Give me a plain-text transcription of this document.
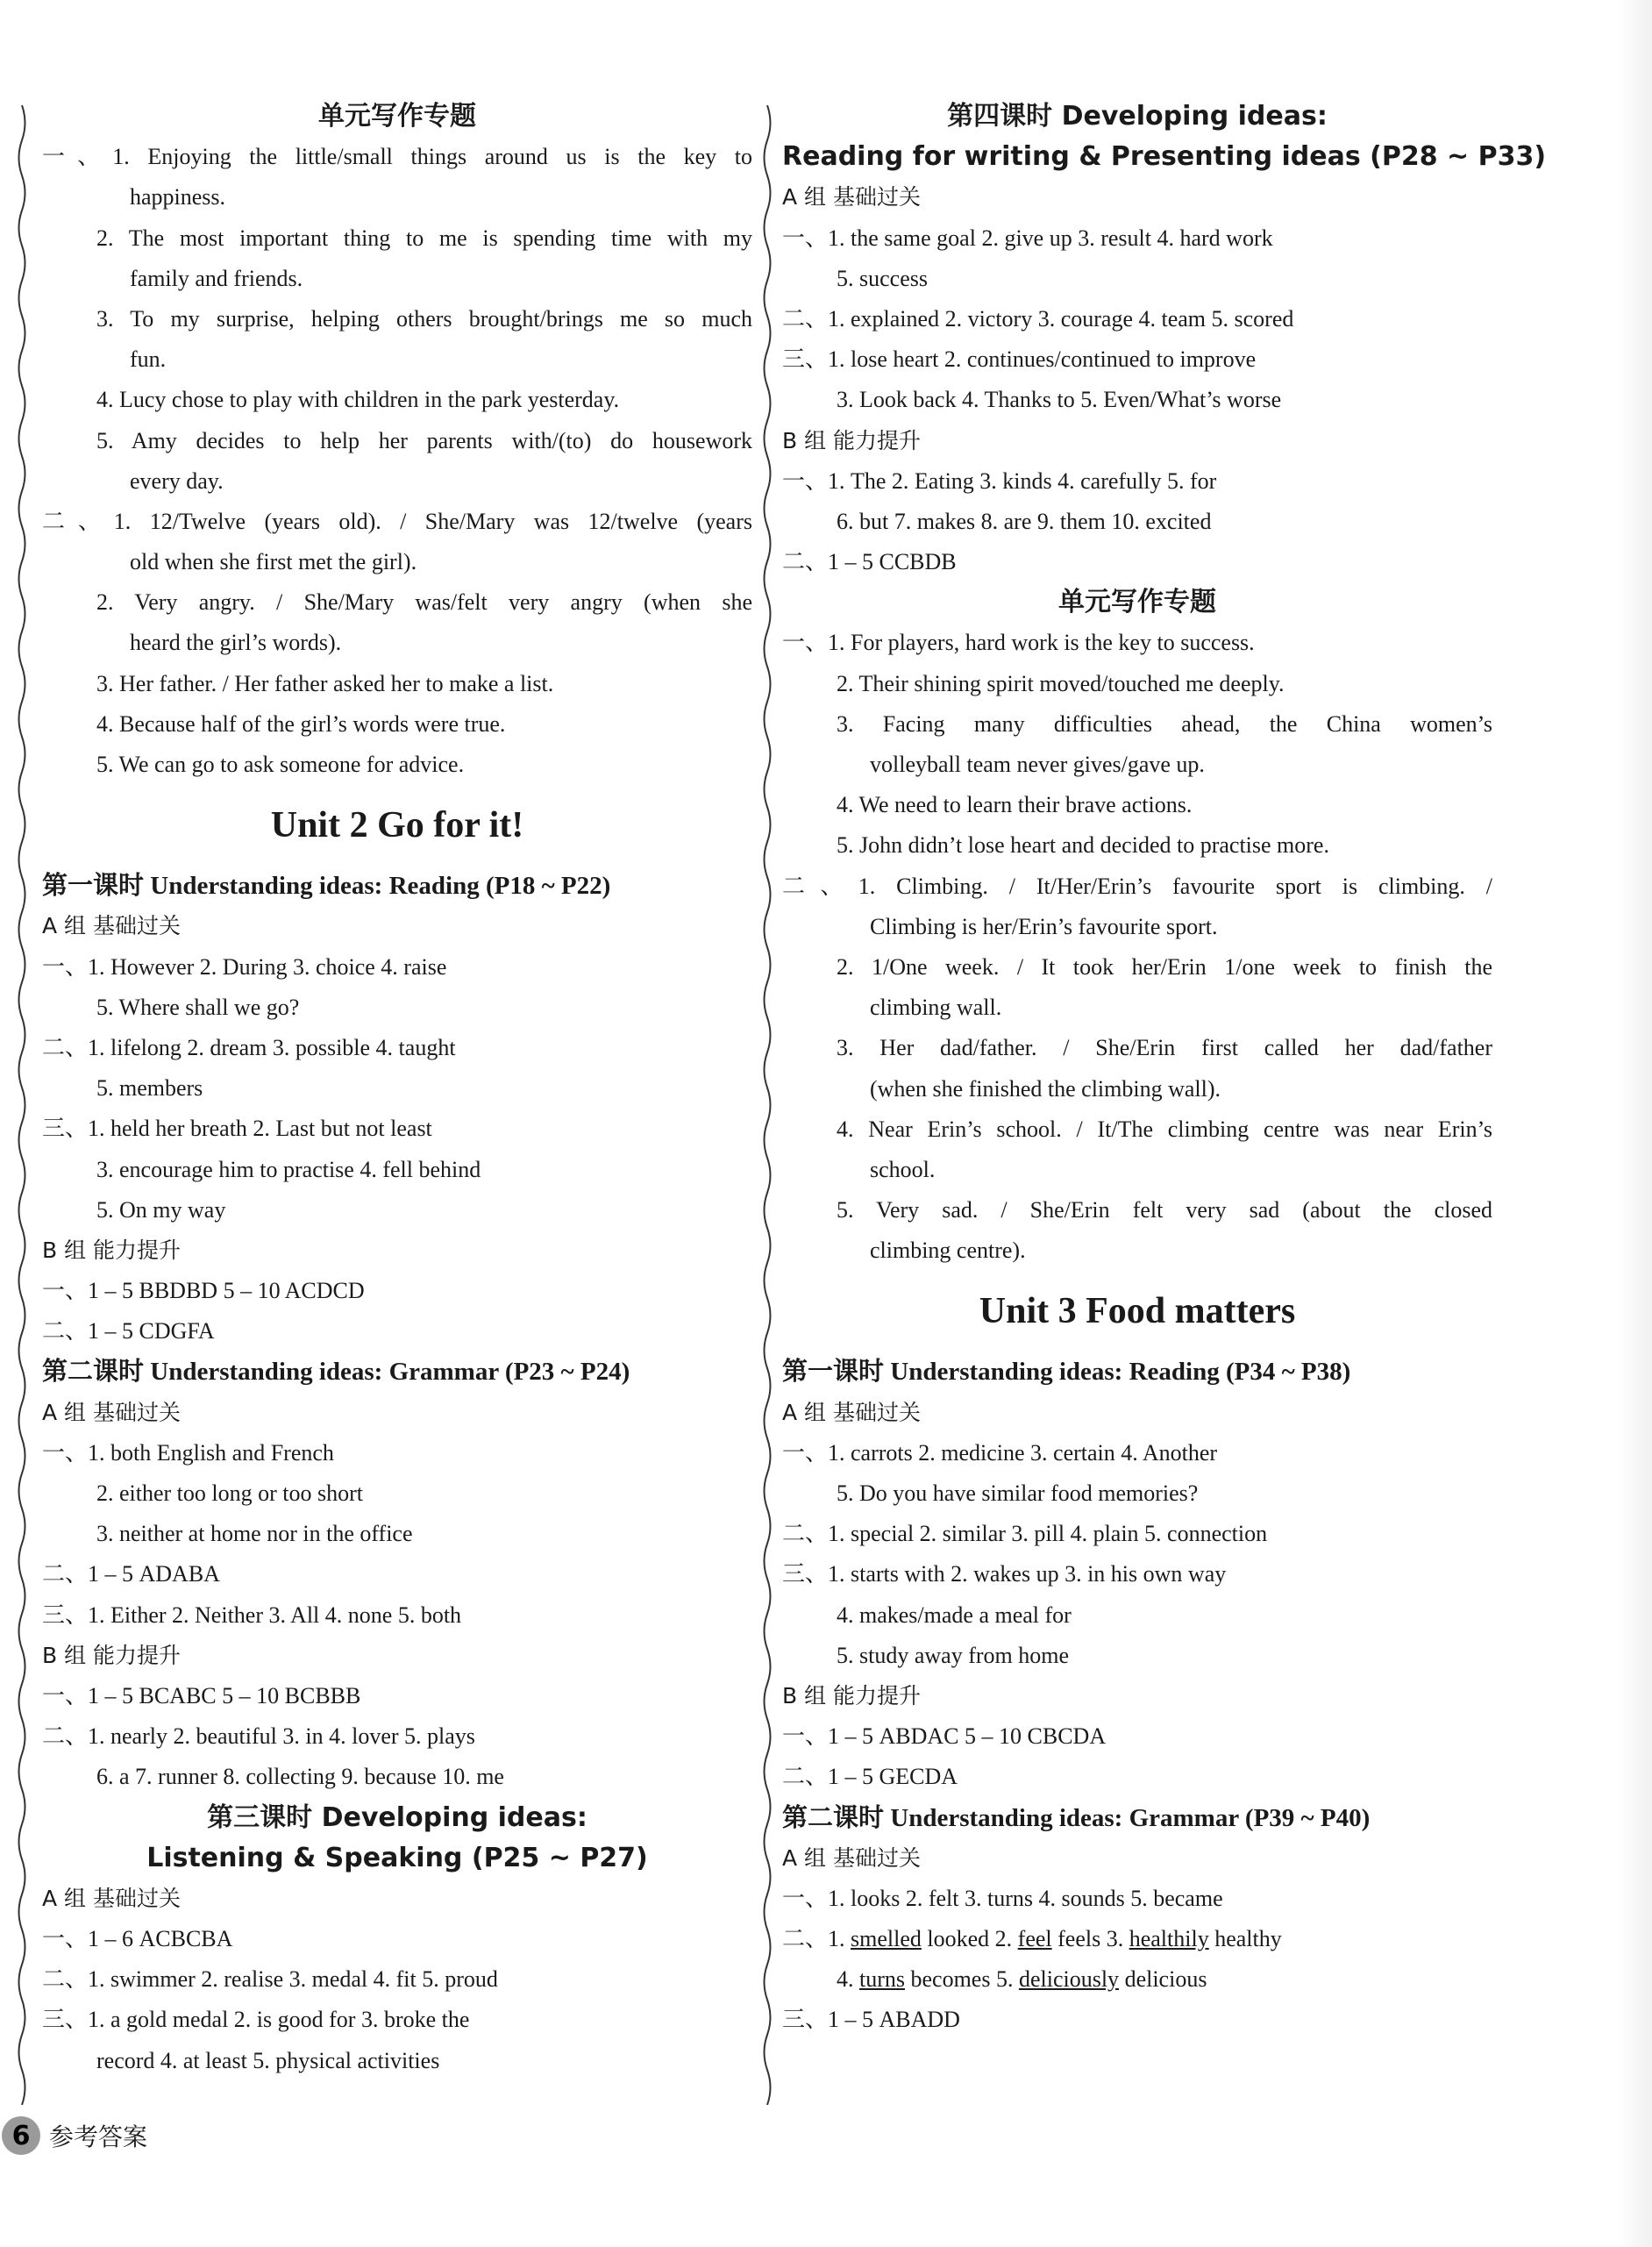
单元写作专题
一、1. Enjoying the little/small things around us is the key to
happiness.
2. The most important thing to me is spending time with my
family and friends.
3. To my surprise, helping others brought/brings me so much
fun.
4. Lucy chose to play with children in the park yesterday.
5. Amy decides to help her parents with/(to) do housework
every day.
二、1. 12/Twelve (years old). / She/Mary was 12/twelve (years
old when she first met the girl).
2. Very angry. / She/Mary was/felt very angry (when she
heard the girl’s words).
3. Her father. / Her father asked her to make a list.
4. Because half of the girl’s words were true.
5. We can go to ask someone for advice.
Unit 2 Go for it!
第一课时 Understanding ideas: Reading (P18 ~ P22)
A 组 基础过关
一、1. However 2. During 3. choice 4. raise
5. Where shall we go?
二、1. lifelong 2. dream 3. possible 4. taught
5. members
三、1. held her breath 2. Last but not least
3. encourage him to practise 4. fell behind
5. On my way
B 组 能力提升
一、1 – 5 BBDBD 5 – 10 ACDCD
二、1 – 5 CDGFA
第二课时 Understanding ideas: Grammar (P23 ~ P24)
A 组 基础过关
一、1. both English and French
2. either too long or too short
3. neither at home nor in the office
二、1 – 5 ADABA
三、1. Either 2. Neither 3. All 4. none 5. both
B 组 能力提升
一、1 – 5 BCABC 5 – 10 BCBBB
二、1. nearly 2. beautiful 3. in 4. lover 5. plays
6. a 7. runner 8. collecting 9. because 10. me
第三课时 Developing ideas:
Listening & Speaking (P25 ~ P27)
A 组 基础过关
一、1 – 6 ACBCBA
二、1. swimmer 2. realise 3. medal 4. fit 5. proud
三、1. a gold medal 2. is good for 3. broke the
record 4. at least 5. physical activities
第四课时 Developing ideas:
Reading for writing & Presenting ideas (P28 ~ P33)
A 组 基础过关
一、1. the same goal 2. give up 3. result 4. hard work
5. success
二、1. explained 2. victory 3. courage 4. team 5. scored
三、1. lose heart 2. continues/continued to improve
3. Look back 4. Thanks to 5. Even/What’s worse
B 组 能力提升
一、1. The 2. Eating 3. kinds 4. carefully 5. for
6. but 7. makes 8. are 9. them 10. excited
二、1 – 5 CCBDB
单元写作专题
一、1. For players, hard work is the key to success.
2. Their shining spirit moved/touched me deeply.
3. Facing many difficulties ahead, the China women’s
volleyball team never gives/gave up.
4. We need to learn their brave actions.
5. John didn’t lose heart and decided to practise more.
二、1. Climbing. / It/Her/Erin’s favourite sport is climbing. /
Climbing is her/Erin’s favourite sport.
2. 1/One week. / It took her/Erin 1/one week to finish the
climbing wall.
3. Her dad/father. / She/Erin first called her dad/father
(when she finished the climbing wall).
4. Near Erin’s school. / It/The climbing centre was near Erin’s
school.
5. Very sad. / She/Erin felt very sad (about the closed
climbing centre).
Unit 3 Food matters
第一课时 Understanding ideas: Reading (P34 ~ P38)
A 组 基础过关
一、1. carrots 2. medicine 3. certain 4. Another
5. Do you have similar food memories?
二、1. special 2. similar 3. pill 4. plain 5. connection
三、1. starts with 2. wakes up 3. in his own way
4. makes/made a meal for
5. study away from home
B 组 能力提升
一、1 – 5 ABDAC 5 – 10 CBCDA
二、1 – 5 GECDA
第二课时 Understanding ideas: Grammar (P39 ~ P40)
A 组 基础过关
一、1. looks 2. felt 3. turns 4. sounds 5. became
二、1. smelled looked 2. feel feels 3. healthily healthy
4. turns becomes 5. deliciously delicious
三、1 – 5 ABADD
6 参考答案
